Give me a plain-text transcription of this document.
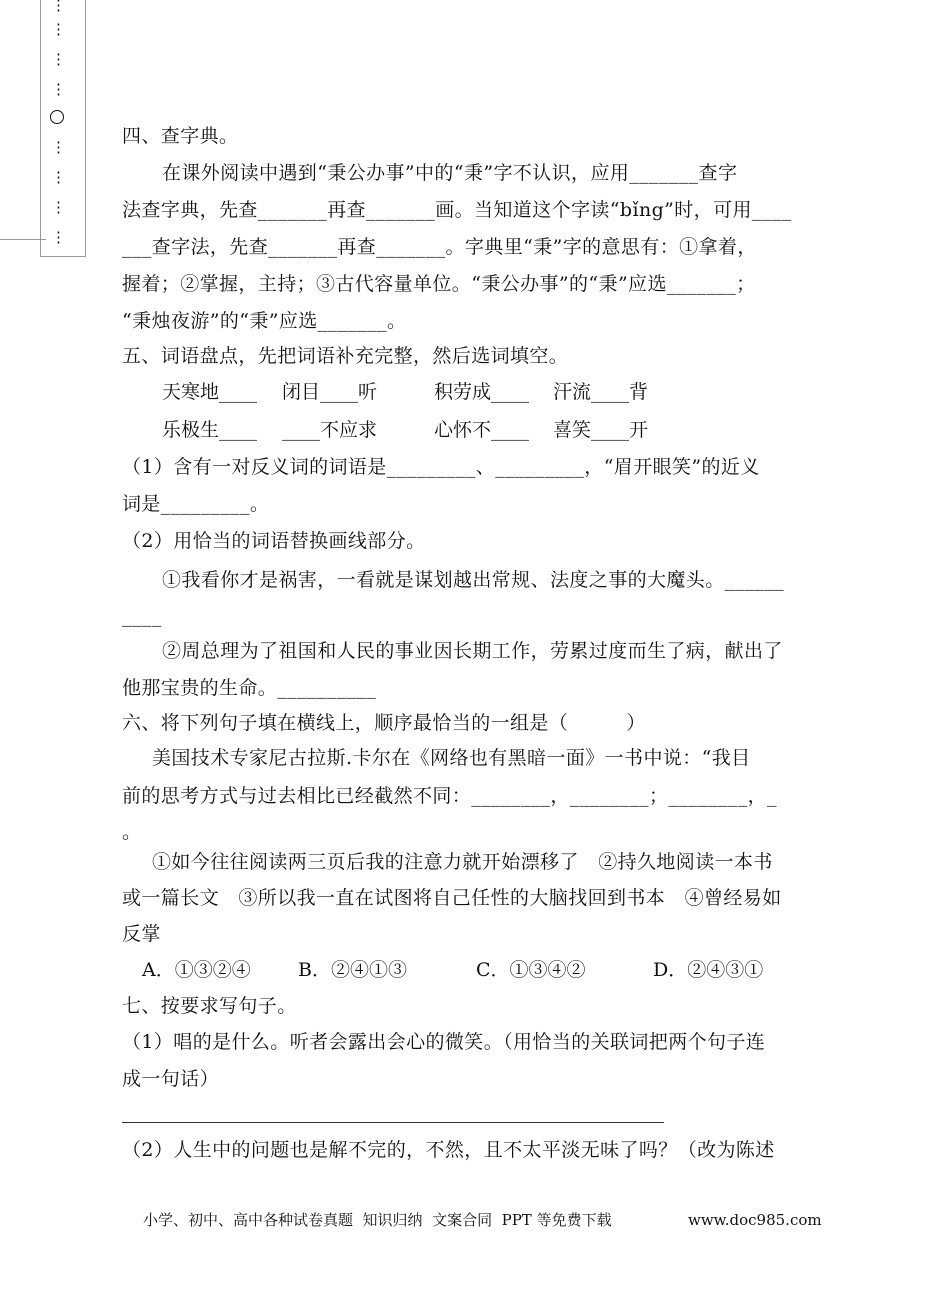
⋮
⋮
⋮
⋮
⋮
⋮
⋮
⋮
四、查字典。
在课外阅读中遇到“秉公办事”中的“秉”字不认识，应用_______查字
法查字典，先查_______再查_______画。当知道这个字读“bǐng”时，可用____
___查字法，先查_______再查_______。字典里“秉”字的意思有：①拿着，
握着；②掌握，主持；③古代容量单位。“秉公办事”的“秉”应选_______；
“秉烛夜游”的“秉”应选_______。
五、词语盘点，先把词语补充完整，然后选词填空。
天寒地____ 闭目____听	积劳成____ 汗流____背
乐极生____ ____不应求	心怀不____ 喜笑____开
（1）含有一对反义词的词语是_________、_________，“眉开眼笑”的近义
词是_________。
（2）用恰当的词语替换画线部分。
①我看你才是祸害，一看就是谋划越出常规、法度之事的大魔头。______
____
②周总理为了祖国和人民的事业因长期工作，劳累过度而生了病，献出了
他那宝贵的生命。__________
六、将下列句子填在横线上，顺序最恰当的一组是（　　　）
美国技术专家尼古拉斯.卡尔在《网络也有黑暗一面》一书中说：“我目
前的思考方式与过去相比已经截然不同：________，________；________，_
。
①如今往往阅读两三页后我的注意力就开始漂移了　②持久地阅读一本书
或一篇长文　③所以我一直在试图将自己任性的大脑找回到书本　④曾经易如
反掌
A．①③②④ B．②④①③	C．①③④②	D．②④③①
七、按要求写句子。
（1）唱的是什么。听者会露出会心的微笑。（用恰当的关联词把两个句子连
成一句话）
（2）人生中的问题也是解不完的，不然，且不太平淡无味了吗？（改为陈述
小学、初中、高中各种试卷真题  知识归纳  文案合同  PPT 等免费下载	www.doc985.com
